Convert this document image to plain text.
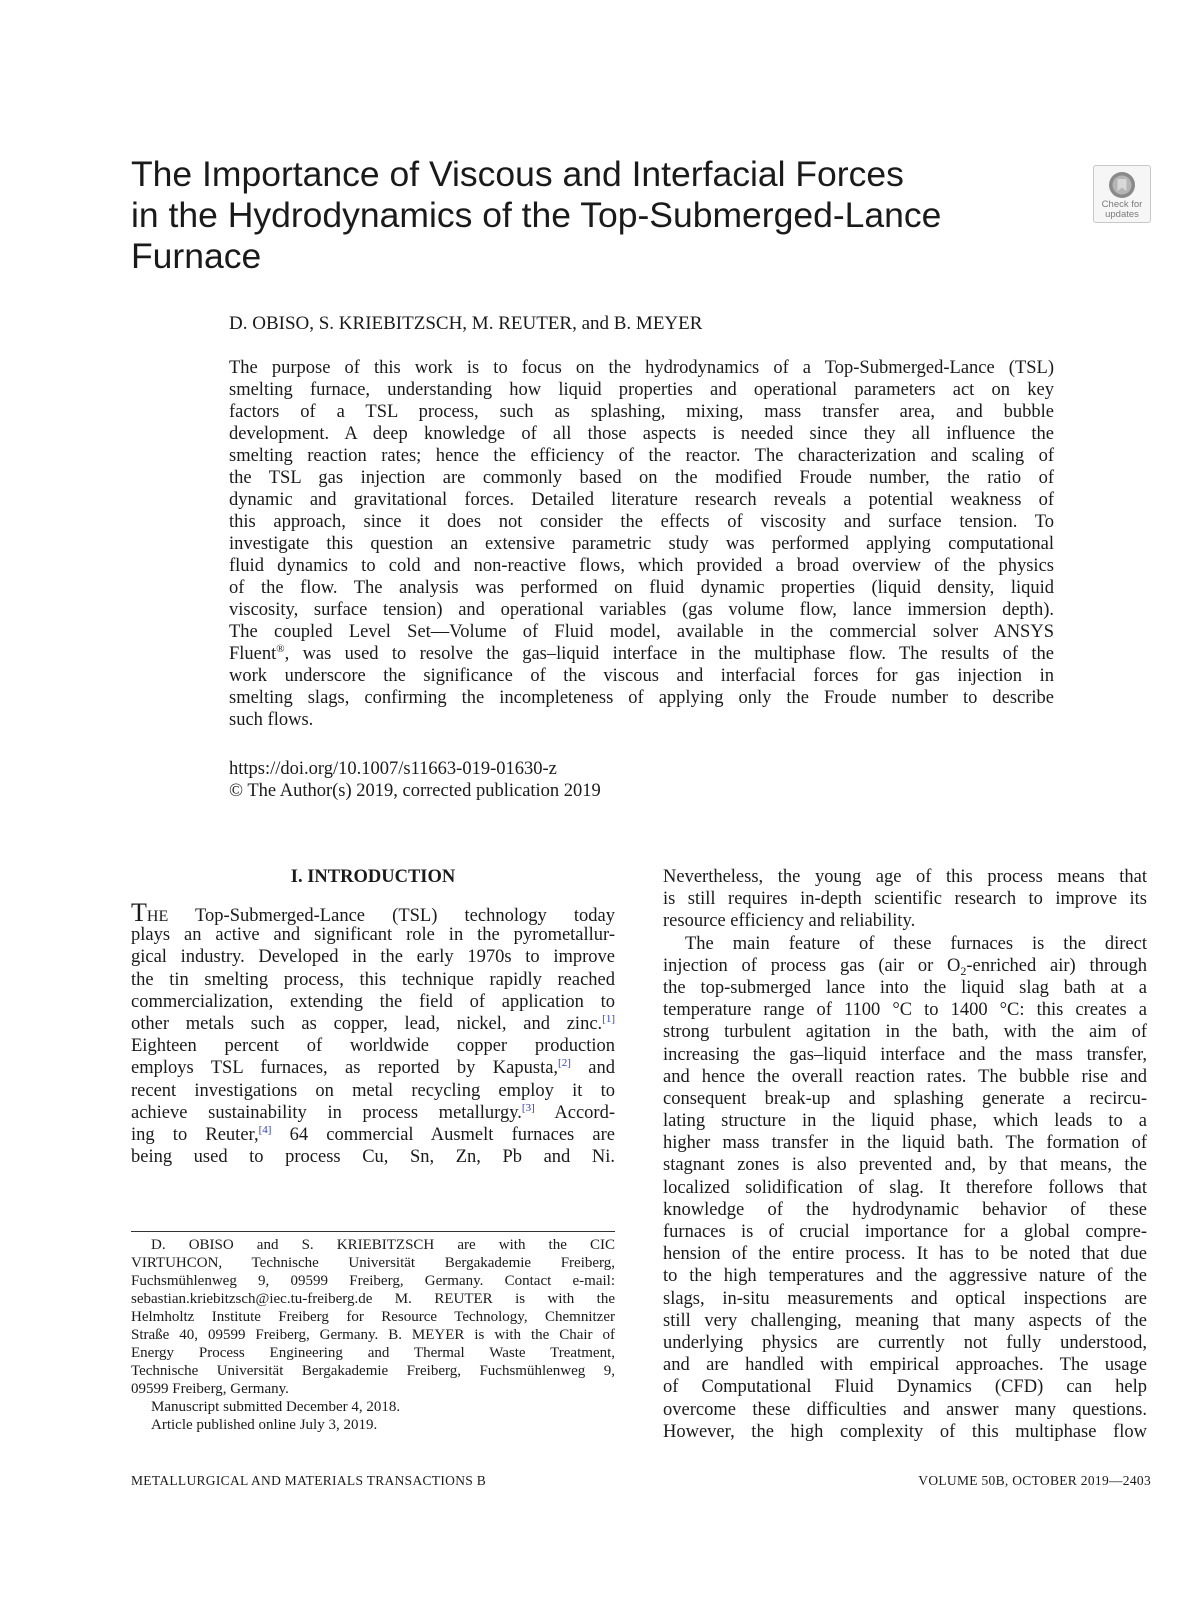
The Importance of Viscous and Interfacial Forces
in the Hydrodynamics of the Top-Submerged-Lance
Furnace
Check for
updates
D. OBISO, S. KRIEBITZSCH, M. REUTER, and B. MEYER
The purpose of this work is to focus on the hydrodynamics of a Top-Submerged-Lance (TSL)
smelting furnace, understanding how liquid properties and operational parameters act on key
factors of a TSL process, such as splashing, mixing, mass transfer area, and bubble
development. A deep knowledge of all those aspects is needed since they all influence the
smelting reaction rates; hence the efficiency of the reactor. The characterization and scaling of
the TSL gas injection are commonly based on the modified Froude number, the ratio of
dynamic and gravitational forces. Detailed literature research reveals a potential weakness of
this approach, since it does not consider the effects of viscosity and surface tension. To
investigate this question an extensive parametric study was performed applying computational
fluid dynamics to cold and non-reactive flows, which provided a broad overview of the physics
of the flow. The analysis was performed on fluid dynamic properties (liquid density, liquid
viscosity, surface tension) and operational variables (gas volume flow, lance immersion depth).
The coupled Level Set—Volume of Fluid model, available in the commercial solver ANSYS
Fluent®, was used to resolve the gas–liquid interface in the multiphase flow. The results of the
work underscore the significance of the viscous and interfacial forces for gas injection in
smelting slags, confirming the incompleteness of applying only the Froude number to describe
such flows.
https://doi.org/10.1007/s11663-019-01630-z
© The Author(s) 2019, corrected publication 2019
I. INTRODUCTION
THE Top-Submerged-Lance (TSL) technology today
plays an active and significant role in the pyrometallur-
gical industry. Developed in the early 1970s to improve
the tin smelting process, this technique rapidly reached
commercialization, extending the field of application to
other metals such as copper, lead, nickel, and zinc.[1]
Eighteen percent of worldwide copper production
employs TSL furnaces, as reported by Kapusta,[2] and
recent investigations on metal recycling employ it to
achieve sustainability in process metallurgy.[3] Accord-
ing to Reuter,[4] 64 commercial Ausmelt furnaces are
being used to process Cu, Sn, Zn, Pb and Ni.
D. OBISO and S. KRIEBITZSCH are with the CIC
VIRTUHCON, Technische Universität Bergakademie Freiberg,
Fuchsmühlenweg 9, 09599 Freiberg, Germany. Contact e-mail:
sebastian.kriebitzsch@iec.tu-freiberg.de M. REUTER is with the
Helmholtz Institute Freiberg for Resource Technology, Chemnitzer
Straße 40, 09599 Freiberg, Germany. B. MEYER is with the Chair of
Energy Process Engineering and Thermal Waste Treatment,
Technische Universität Bergakademie Freiberg, Fuchsmühlenweg 9,
09599 Freiberg, Germany.
Manuscript submitted December 4, 2018.
Article published online July 3, 2019.
Nevertheless, the young age of this process means that
is still requires in-depth scientific research to improve its
resource efficiency and reliability.
The main feature of these furnaces is the direct
injection of process gas (air or $O_2$-enriched air) through
the top-submerged lance into the liquid slag bath at a
temperature range of 1100 °C to 1400 °C: this creates a
strong turbulent agitation in the bath, with the aim of
increasing the gas–liquid interface and the mass transfer,
and hence the overall reaction rates. The bubble rise and
consequent break-up and splashing generate a recircu-
lating structure in the liquid phase, which leads to a
higher mass transfer in the liquid bath. The formation of
stagnant zones is also prevented and, by that means, the
localized solidification of slag. It therefore follows that
knowledge of the hydrodynamic behavior of these
furnaces is of crucial importance for a global compre-
hension of the entire process. It has to be noted that due
to the high temperatures and the aggressive nature of the
slags, in-situ measurements and optical inspections are
still very challenging, meaning that many aspects of the
underlying physics are currently not fully understood,
and are handled with empirical approaches. The usage
of Computational Fluid Dynamics (CFD) can help
overcome these difficulties and answer many questions.
However, the high complexity of this multiphase flow
METALLURGICAL AND MATERIALS TRANSACTIONS B	VOLUME 50B, OCTOBER 2019—2403
